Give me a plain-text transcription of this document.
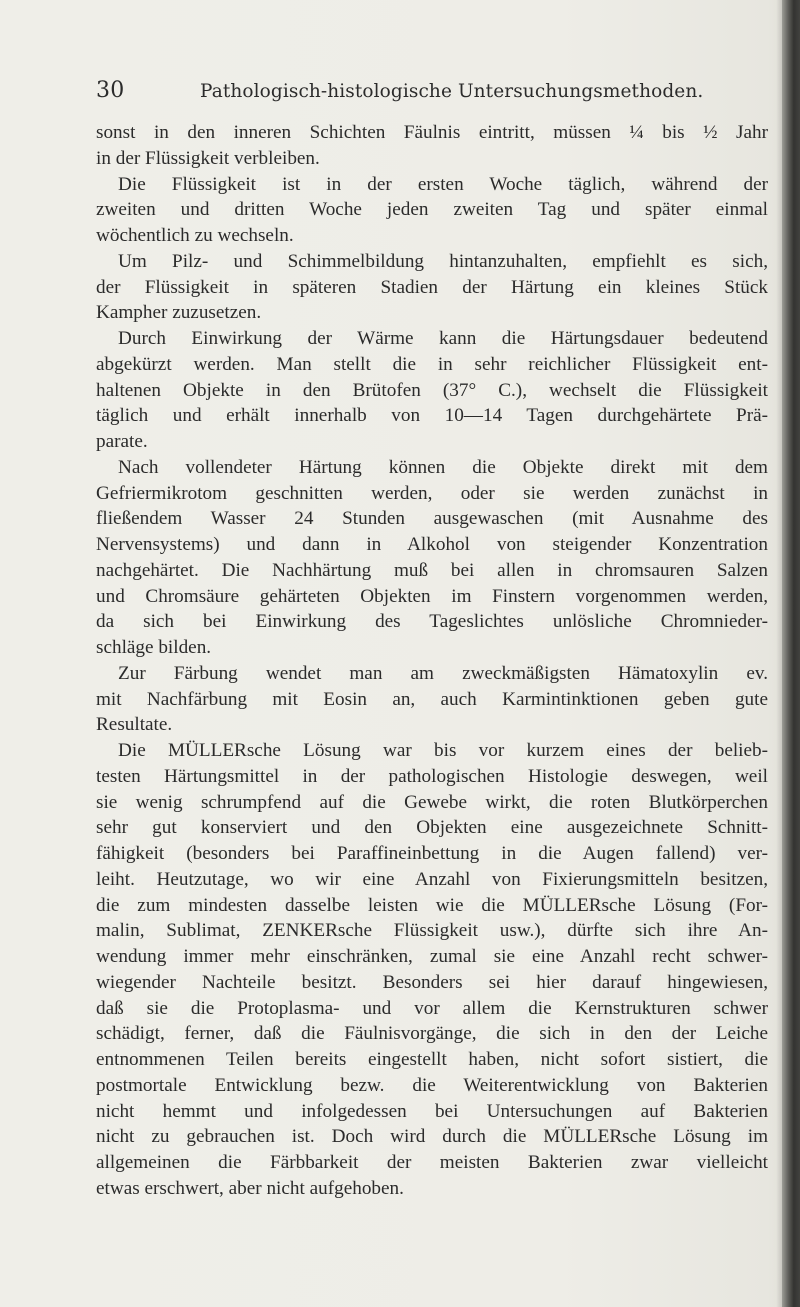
30	Pathologisch-histologische Untersuchungsmethoden.
sonst in den inneren Schichten Fäulnis eintritt, müssen ¼ bis ½ Jahr
in der Flüssigkeit verbleiben.
Die Flüssigkeit ist in der ersten Woche täglich, während der
zweiten und dritten Woche jeden zweiten Tag und später einmal
wöchentlich zu wechseln.
Um Pilz- und Schimmelbildung hintanzuhalten, empfiehlt es sich,
der Flüssigkeit in späteren Stadien der Härtung ein kleines Stück
Kampher zuzusetzen.
Durch Einwirkung der Wärme kann die Härtungsdauer bedeutend
abgekürzt werden. Man stellt die in sehr reichlicher Flüssigkeit ent-
haltenen Objekte in den Brütofen (37° C.), wechselt die Flüssigkeit
täglich und erhält innerhalb von 10—14 Tagen durchgehärtete Prä-
parate.
Nach vollendeter Härtung können die Objekte direkt mit dem
Gefriermikrotom geschnitten werden, oder sie werden zunächst in
fließendem Wasser 24 Stunden ausgewaschen (mit Ausnahme des
Nervensystems) und dann in Alkohol von steigender Konzentration
nachgehärtet. Die Nachhärtung muß bei allen in chromsauren Salzen
und Chromsäure gehärteten Objekten im Finstern vorgenommen werden,
da sich bei Einwirkung des Tageslichtes unlösliche Chromnieder-
schläge bilden.
Zur Färbung wendet man am zweckmäßigsten Hämatoxylin ev.
mit Nachfärbung mit Eosin an, auch Karmintinktionen geben gute
Resultate.
Die MÜLLERsche Lösung war bis vor kurzem eines der belieb-
testen Härtungsmittel in der pathologischen Histologie deswegen, weil
sie wenig schrumpfend auf die Gewebe wirkt, die roten Blutkörperchen
sehr gut konserviert und den Objekten eine ausgezeichnete Schnitt-
fähigkeit (besonders bei Paraffineinbettung in die Augen fallend) ver-
leiht. Heutzutage, wo wir eine Anzahl von Fixierungsmitteln besitzen,
die zum mindesten dasselbe leisten wie die MÜLLERsche Lösung (For-
malin, Sublimat, ZENKERsche Flüssigkeit usw.), dürfte sich ihre An-
wendung immer mehr einschränken, zumal sie eine Anzahl recht schwer-
wiegender Nachteile besitzt. Besonders sei hier darauf hingewiesen,
daß sie die Protoplasma- und vor allem die Kernstrukturen schwer
schädigt, ferner, daß die Fäulnisvorgänge, die sich in den der Leiche
entnommenen Teilen bereits eingestellt haben, nicht sofort sistiert, die
postmortale Entwicklung bezw. die Weiterentwicklung von Bakterien
nicht hemmt und infolgedessen bei Untersuchungen auf Bakterien
nicht zu gebrauchen ist. Doch wird durch die MÜLLERsche Lösung im
allgemeinen die Färbbarkeit der meisten Bakterien zwar vielleicht
etwas erschwert, aber nicht aufgehoben.
